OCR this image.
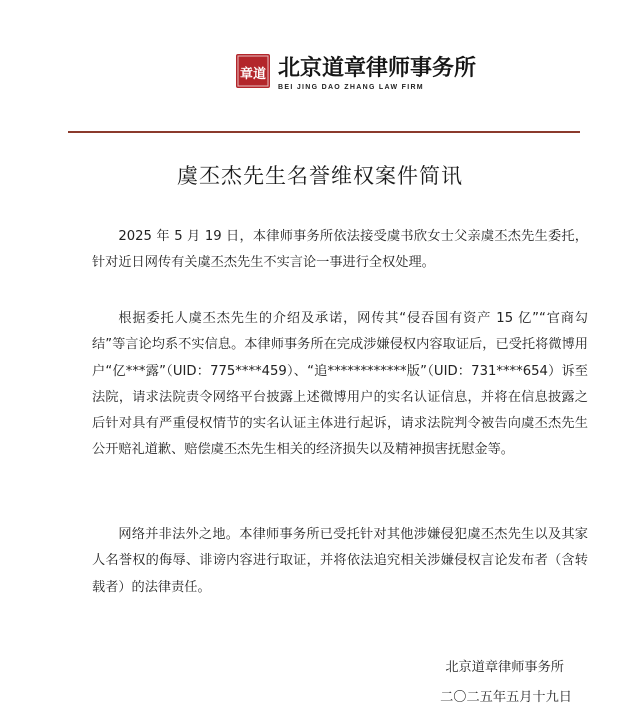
章道 北京道章律师事务所
BEI JING DAO ZHANG LAW FIRM
虞丕杰先生名誉维权案件简讯

2025 年 5 月 19 日，本律师事务所依法接受虞书欣女士父亲虞丕杰先生委托，针对近日网传有关虞丕杰先生不实言论一事进行全权处理。

根据委托人虞丕杰先生的介绍及承诺，网传其“侵吞国有资产 15 亿”“官商勾结”等言论均系不实信息。本律师事务所在完成涉嫌侵权内容取证后，已受托将微博用户“亿***露”（UID：775****459）、“追************版”（UID：731****654）诉至法院，请求法院责令网络平台披露上述微博用户的实名认证信息，并将在信息披露之后针对具有严重侵权情节的实名认证主体进行起诉，请求法院判令被告向虞丕杰先生公开赔礼道歉、赔偿虞丕杰先生相关的经济损失以及精神损害抚慰金等。

网络并非法外之地。本律师事务所已受托针对其他涉嫌侵犯虞丕杰先生以及其家人名誉权的侮辱、诽谤内容进行取证，并将依法追究相关涉嫌侵权言论发布者（含转载者）的法律责任。

北京道章律师事务所
二〇二五年五月十九日
